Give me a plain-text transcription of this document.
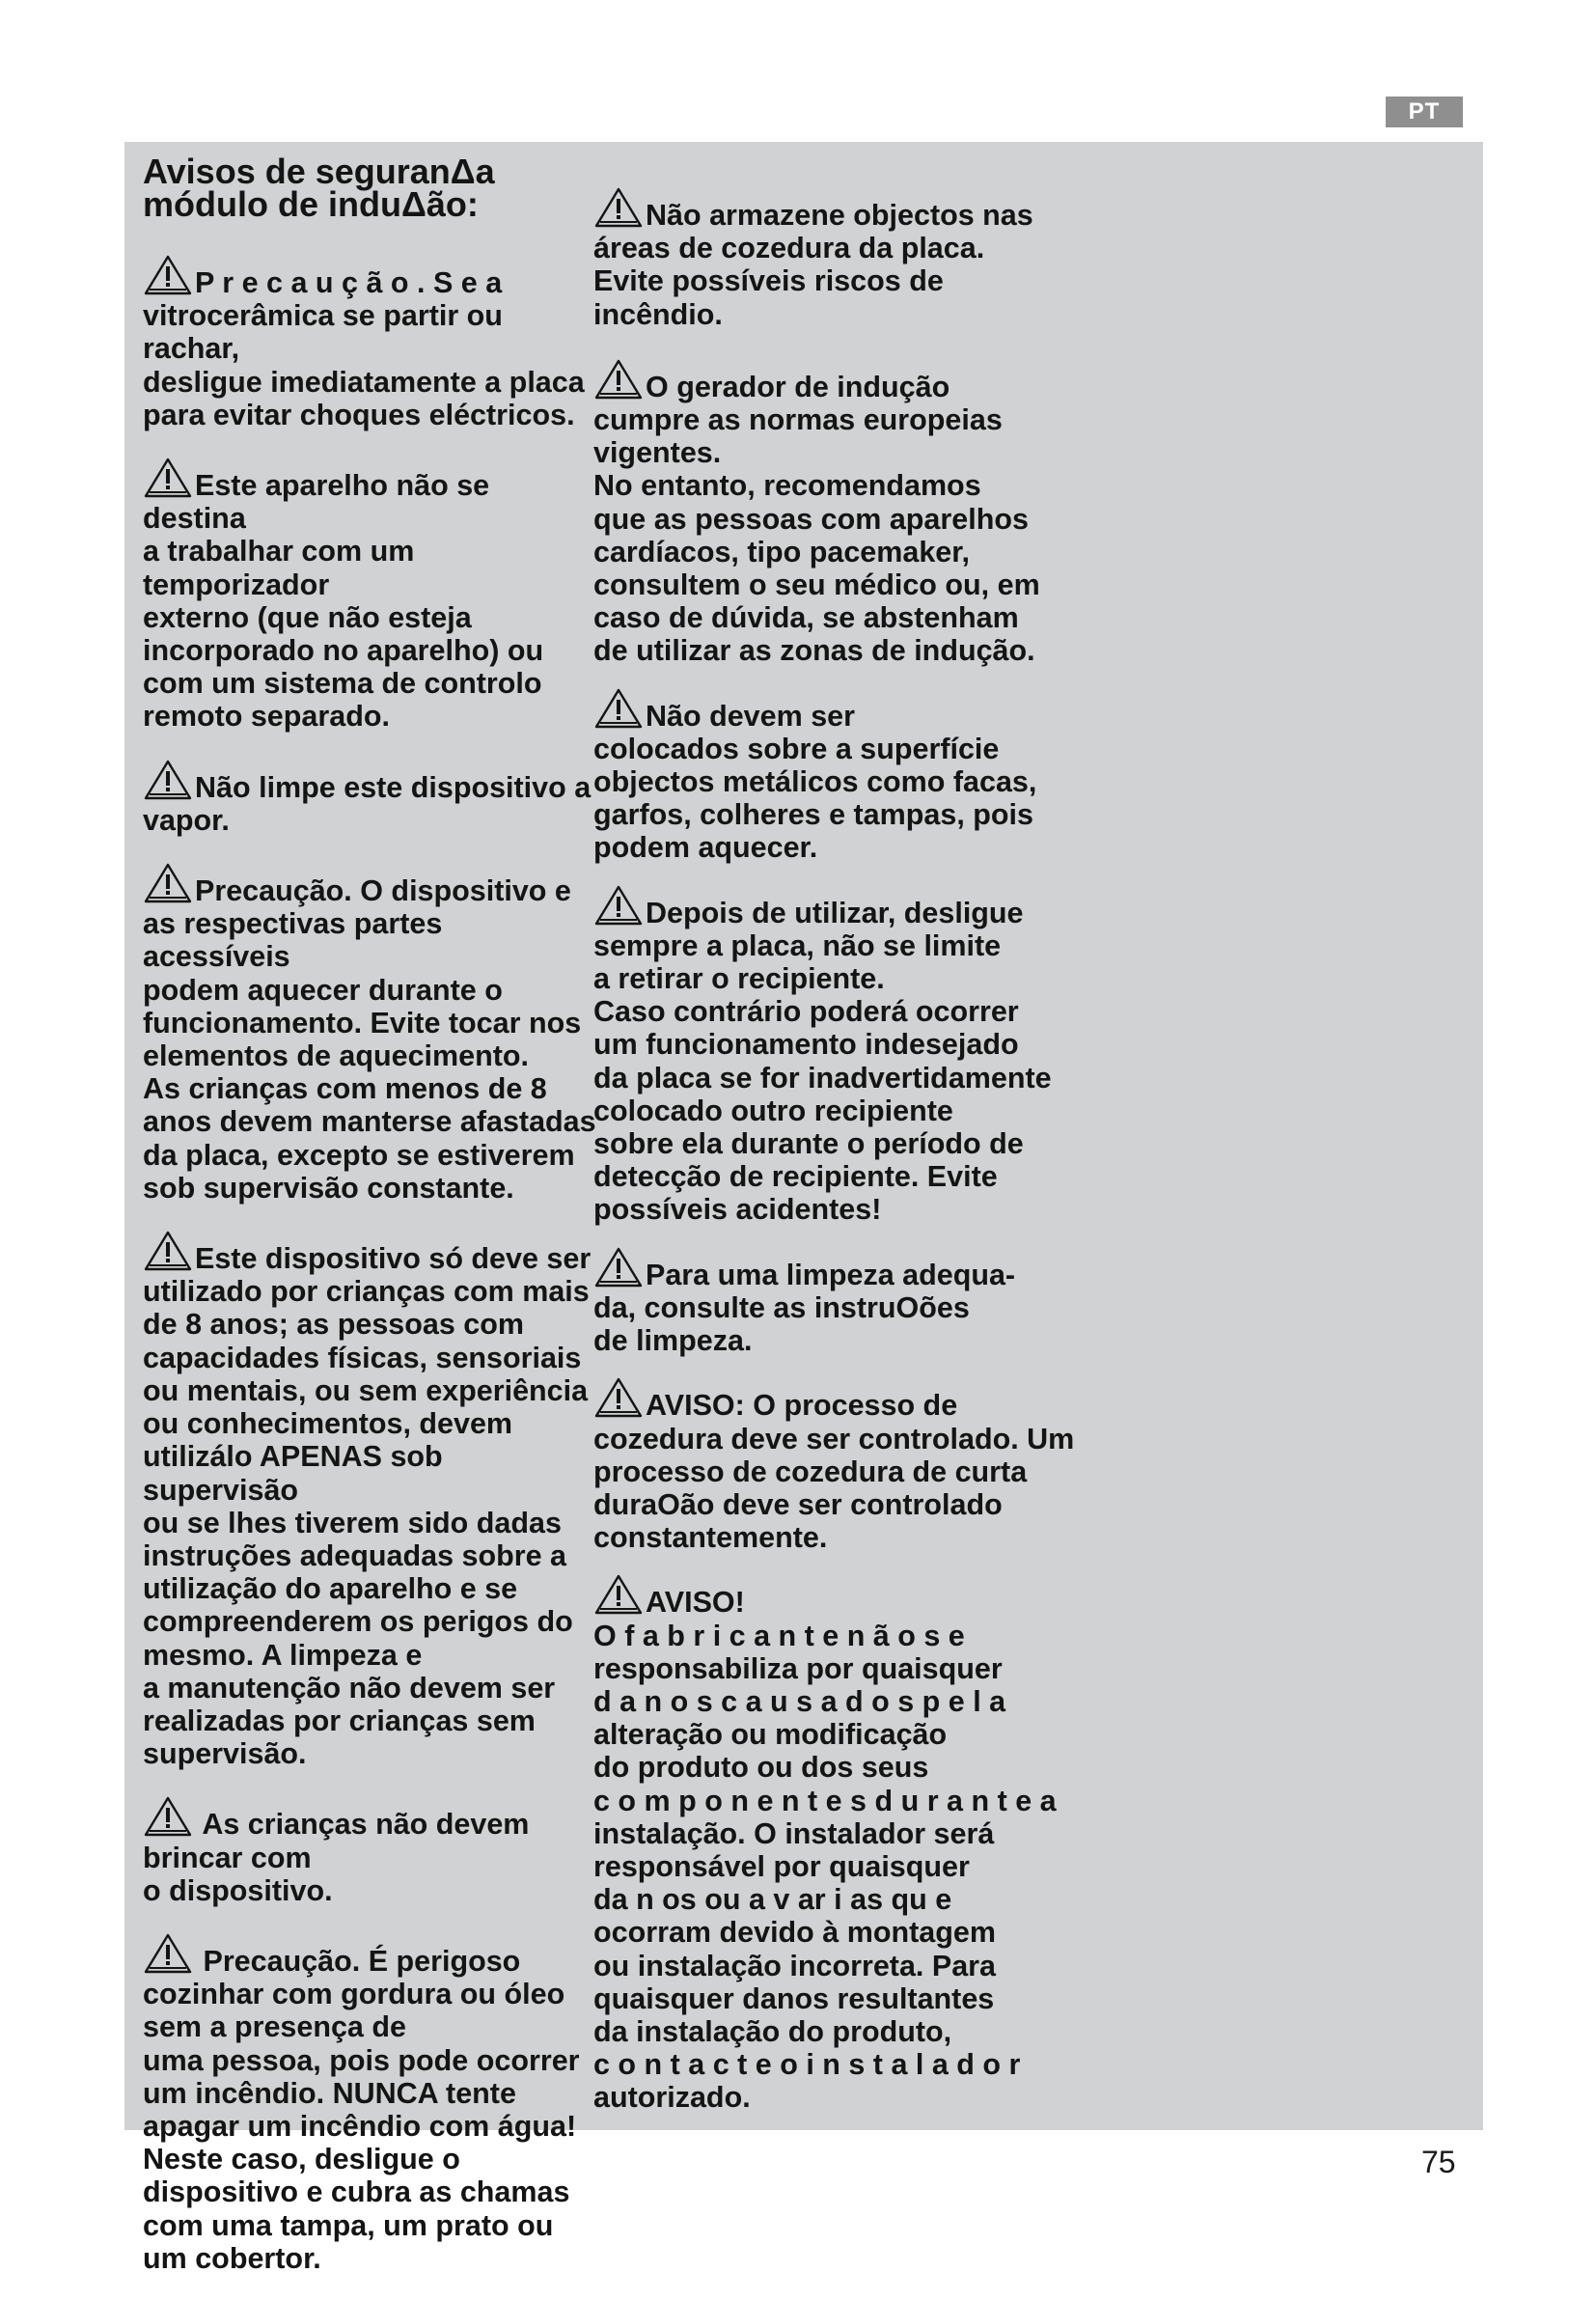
PT
Avisos de seguranΔa
módulo de induΔão:

P r e c a u ç ã o . S e a

vitrocerâmica se partir ou rachar,
desligue imediatamente a placa
para evitar choques eléctricos.

Este aparelho não se destina

a trabalhar com um temporizador
externo (que não esteja
incorporado no aparelho) ou
com um sistema de controlo
remoto separado.

Não limpe este dispositivo a

vapor.

Precaução. O dispositivo e

as respectivas partes acessíveis
podem aquecer durante o
funcionamento. Evite tocar nos
elementos de aquecimento.
As crianças com menos de 8
anos devem manterse afastadas
da placa, excepto se estiverem
sob supervisão constante.

Este dispositivo só deve ser

utilizado por crianças com mais
de 8 anos; as pessoas com
capacidades físicas, sensoriais
ou mentais, ou sem experiência
ou conhecimentos, devem
utilizálo APENAS sob supervisão
ou se lhes tiverem sido dadas
instruções adequadas sobre a
utilização do aparelho e se
compreenderem os perigos do
mesmo. A limpeza e
a manutenção não devem ser
realizadas por crianças sem
supervisão.

As crianças não devem

brincar com
o dispositivo.

Precaução. É perigoso

cozinhar com gordura ou óleo
sem a presença de
uma pessoa, pois pode ocorrer
um incêndio. NUNCA tente
apagar um incêndio com água!
Neste caso, desligue o
dispositivo e cubra as chamas
com uma tampa, um prato ou
um cobertor.

Não armazene objectos nas

áreas de cozedura da placa.
Evite possíveis riscos de
incêndio.

O gerador de indução

cumpre as normas europeias
vigentes.
No entanto, recomendamos
que as pessoas com aparelhos
cardíacos, tipo pacemaker,
consultem o seu médico ou, em
caso de dúvida, se abstenham
de utilizar as zonas de indução.

Não devem ser

colocados sobre a superfície
objectos metálicos como facas,
garfos, colheres e tampas, pois
podem aquecer.

Depois de utilizar, desligue

sempre a placa, não se limite
a retirar o recipiente.
Caso contrário poderá ocorrer
um funcionamento indesejado
da placa se for inadvertidamente
colocado outro recipiente
sobre ela durante o período de
detecção de recipiente. Evite
possíveis acidentes!

Para uma limpeza adequa-

da, consulte as instruOões
de limpeza.

AVISO: O processo de

cozedura deve ser controlado. Um
processo de cozedura de curta
duraOão deve ser controlado
constantemente.

AVISO!

O f a b r i c a n t e n ã o s e

responsabiliza por quaisquer

d a n o s c a u s a d o s p e l a

alteração ou modificação
do produto ou dos seus

c o m p o n e n t e s d u r a n t e a

instalação. O instalador será
responsável por quaisquer

da n os ou a v ar i as qu e

ocorram devido à montagem
ou instalação incorreta. Para
quaisquer danos resultantes
da instalação do produto,

c o n t a c t e o i n s t a l a d o r

autorizado.

75
